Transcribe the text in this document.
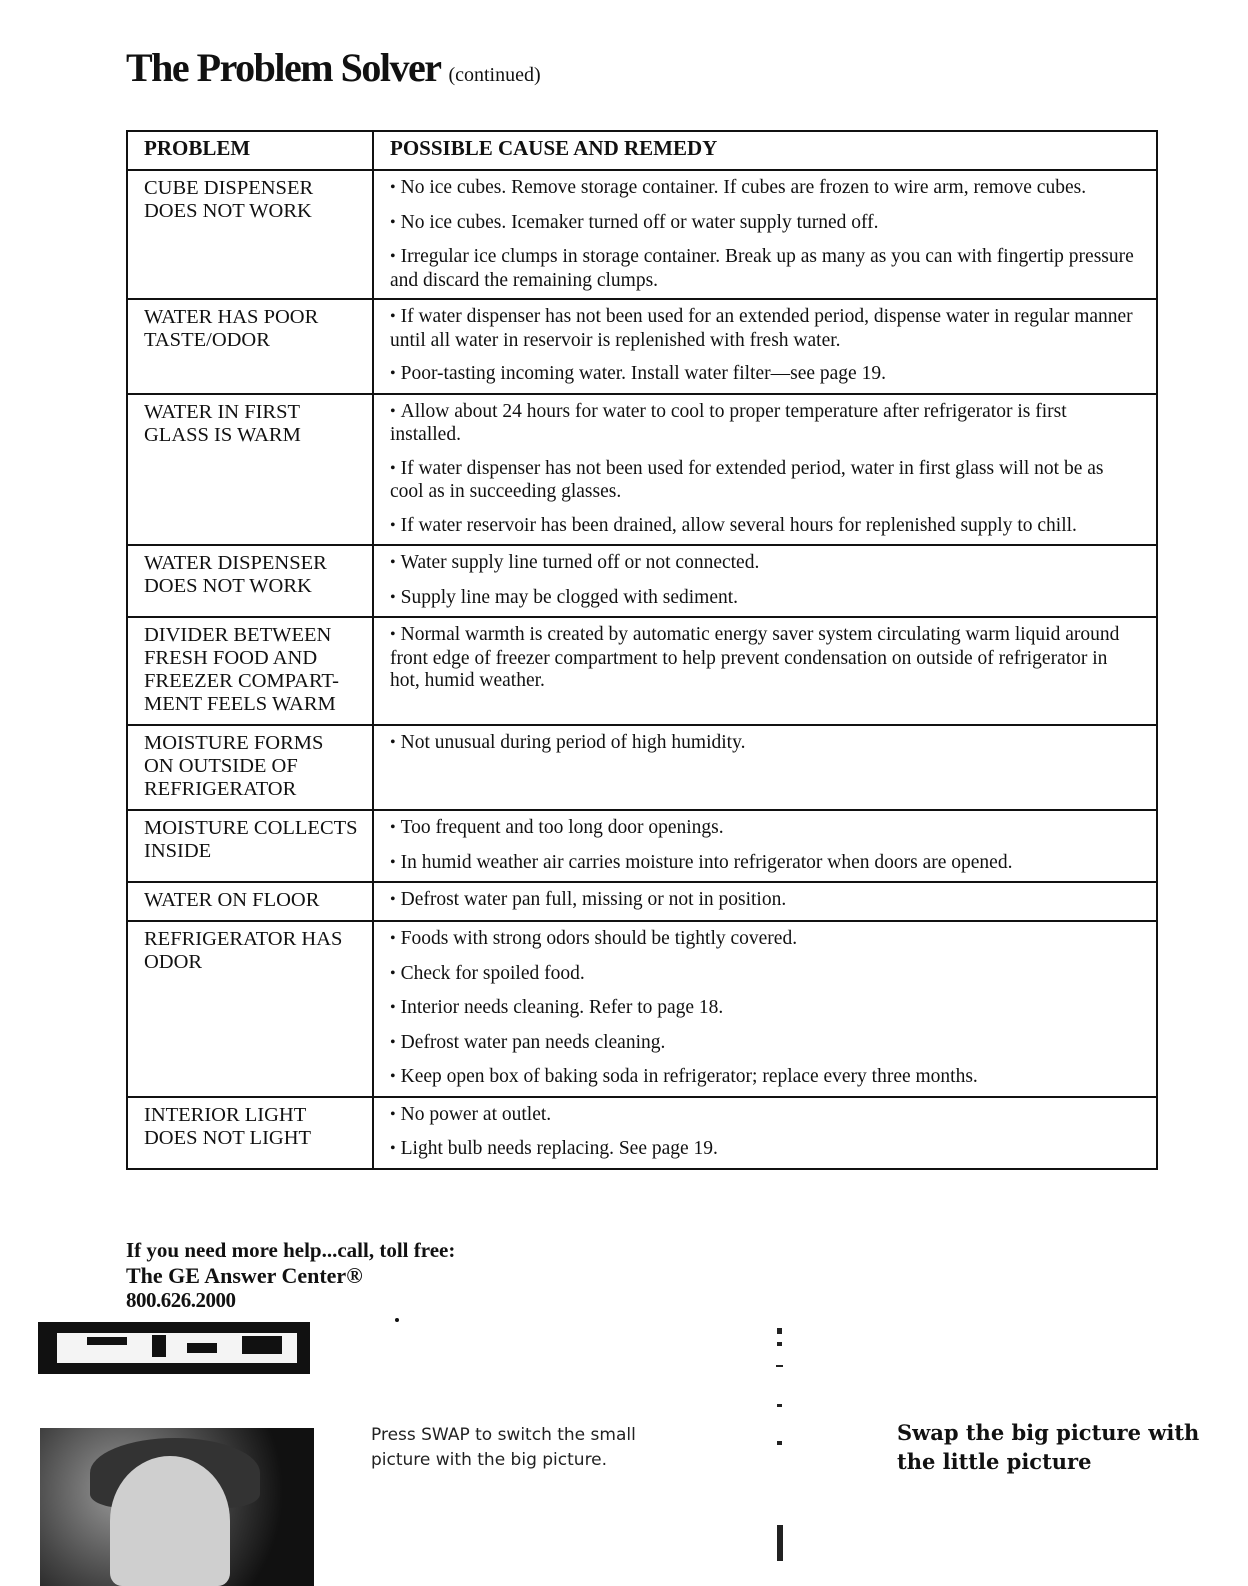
The Problem Solver (continued)
PROBLEM	POSSIBLE CAUSE AND REMEDY
CUBE DISPENSER DOES NOT WORK	• No ice cubes. Remove storage container. If cubes are frozen to wire arm, remove cubes.
• No ice cubes. Icemaker turned off or water supply turned off.
• Irregular ice clumps in storage container. Break up as many as you can with fingertip pressure and discard the remaining clumps.

WATER HAS POOR TASTE/ODOR	• If water dispenser has not been used for an extended period, dispense water in regular manner until all water in reservoir is replenished with fresh water.
• Poor-tasting incoming water. Install water filter—see page 19.

WATER IN FIRST GLASS IS WARM	• Allow about 24 hours for water to cool to proper temperature after refrigerator is first installed.
• If water dispenser has not been used for extended period, water in first glass will not be as cool as in succeeding glasses.
• If water reservoir has been drained, allow several hours for replenished supply to chill.

WATER DISPENSER DOES NOT WORK	• Water supply line turned off or not connected.
• Supply line may be clogged with sediment.

DIVIDER BETWEEN FRESH FOOD AND FREEZER COMPART-MENT FEELS WARM	• Normal warmth is created by automatic energy saver system circulating warm liquid around front edge of freezer compartment to help prevent condensation on outside of refrigerator in hot, humid weather.

MOISTURE FORMS ON OUTSIDE OF REFRIGERATOR	• Not unusual during period of high humidity.

MOISTURE COLLECTS INSIDE	• Too frequent and too long door openings.
• In humid weather air carries moisture into refrigerator when doors are opened.

WATER ON FLOOR	• Defrost water pan full, missing or not in position.

REFRIGERATOR HAS ODOR	• Foods with strong odors should be tightly covered.
• Check for spoiled food.
• Interior needs cleaning. Refer to page 18.
• Defrost water pan needs cleaning.
• Keep open box of baking soda in refrigerator; replace every three months.

INTERIOR LIGHT DOES NOT LIGHT	• No power at outlet.
• Light bulb needs replacing. See page 19.
If you need more help...call, toll free:
The GE Answer Center®
800.626.2000
Press SWAP to switch the small picture with the big picture.
Swap the big picture with the little picture
